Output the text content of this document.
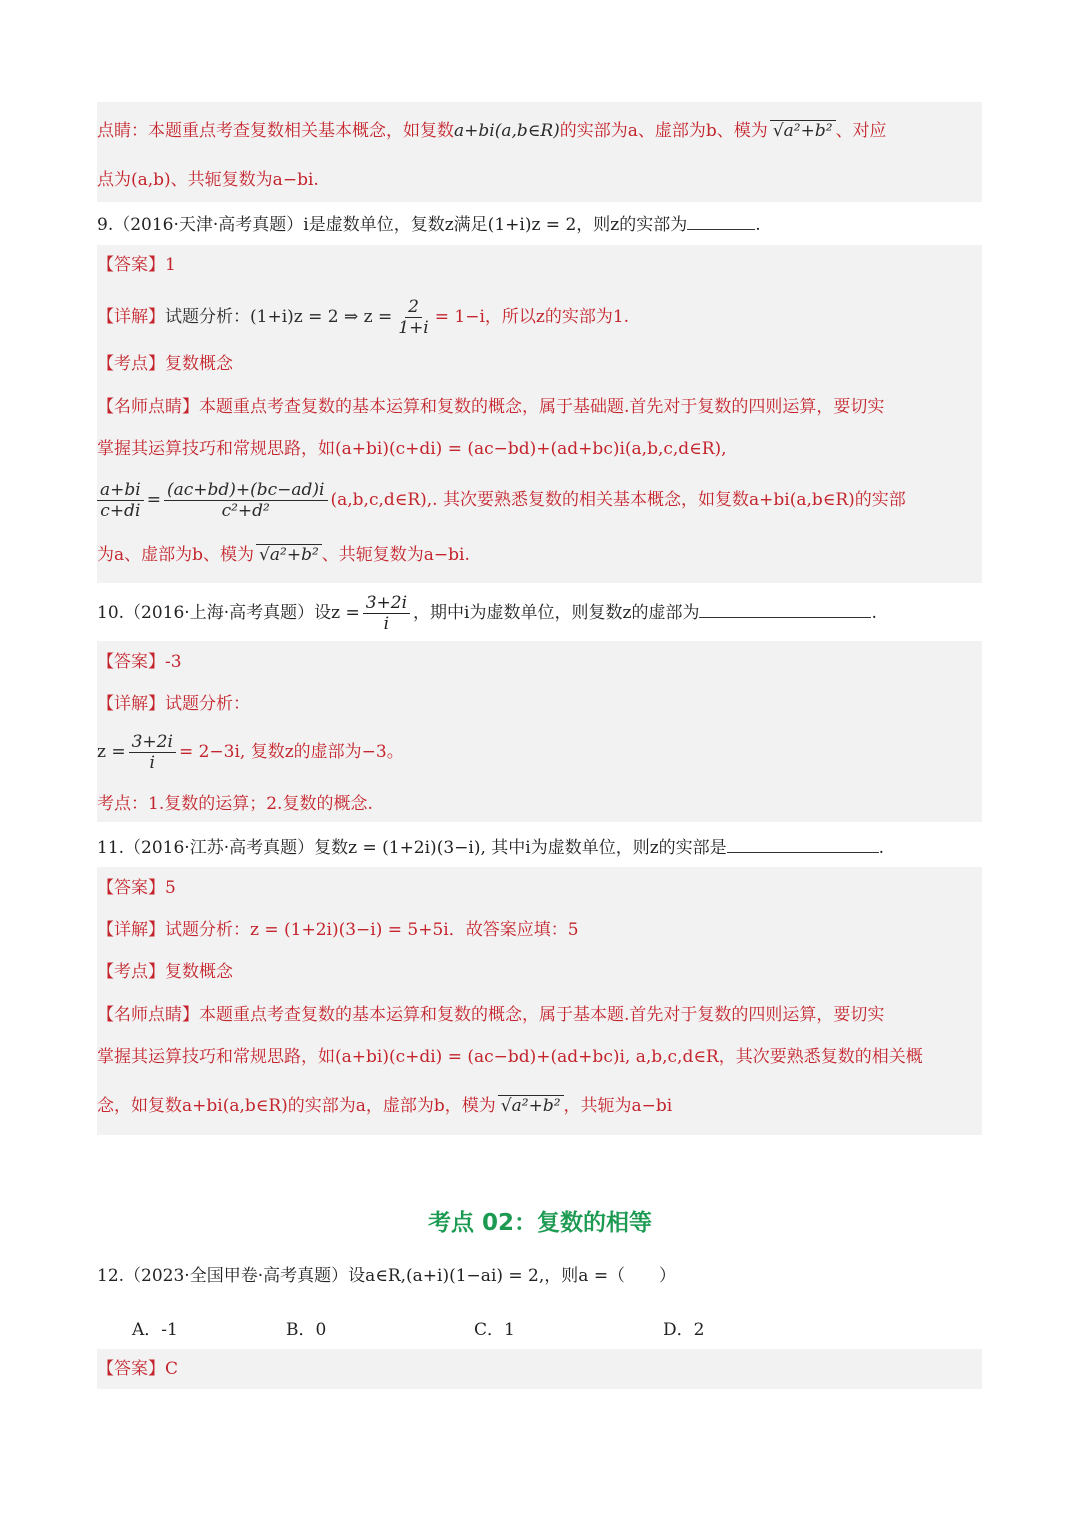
点睛：本题重点考查复数相关基本概念，如复数a+bi(a,b∈R)的实部为a、虚部为b、模为 √a²+b² 、对应
点为(a,b)、共轭复数为a−bi.
9.（2016·天津·高考真题）i是虚数单位，复数z满足(1+i)z = 2，则z的实部为	.
【答案】1
【详解】试题分析：(1+i)z = 2 ⇒ $z = \frac{2}{1+i} = 1-i$，所以z的实部为1.
【考点】复数概念
【名师点睛】本题重点考查复数的基本运算和复数的概念，属于基础题.首先对于复数的四则运算，要切实
掌握其运算技巧和常规思路，如(a+bi)(c+di) = (ac−bd)+(ad+bc)i(a,b,c,d∈R),
$\frac{a+bi}{c+di} = \frac{(ac+bd)+(bc-ad)i}{\text{c²+d²}}$ (a,b,c,d∈R),. 其次要熟悉复数的相关基本概念，如复数a+bi(a,b∈R)的实部
为a、虚部为b、模为 √a²+b² 、共轭复数为a−bi.
10.（2016·上海·高考真题）设$z = \frac{3+2i}{i}$ ，期中i为虚数单位，则复数z的虚部为	.
【答案】-3
【详解】试题分析：
$z = \frac{3+2i}{i} = 2-3i$, 复数z的虚部为−3。
考点：1.复数的运算；2.复数的概念.
11.（2016·江苏·高考真题）复数z = (1+2i)(3−i), 其中i为虚数单位，则z的实部是	.
【答案】5
【详解】试题分析：z = (1+2i)(3−i) = 5+5i．故答案应填：5
【考点】复数概念
【名师点睛】本题重点考查复数的基本运算和复数的概念，属于基本题.首先对于复数的四则运算，要切实
掌握其运算技巧和常规思路，如(a+bi)(c+di) = (ac−bd)+(ad+bc)i, a,b,c,d∈R，其次要熟悉复数的相关概
念，如复数a+bi(a,b∈R)的实部为a，虚部为b，模为 √a²+b² ，共轭为a−bi
考点 02：复数的相等
12.（2023·全国甲卷·高考真题）设a∈R,(a+i)(1−ai) = 2,，则a =（　　）
A．-1	B．0	C．1	D．2
【答案】C
